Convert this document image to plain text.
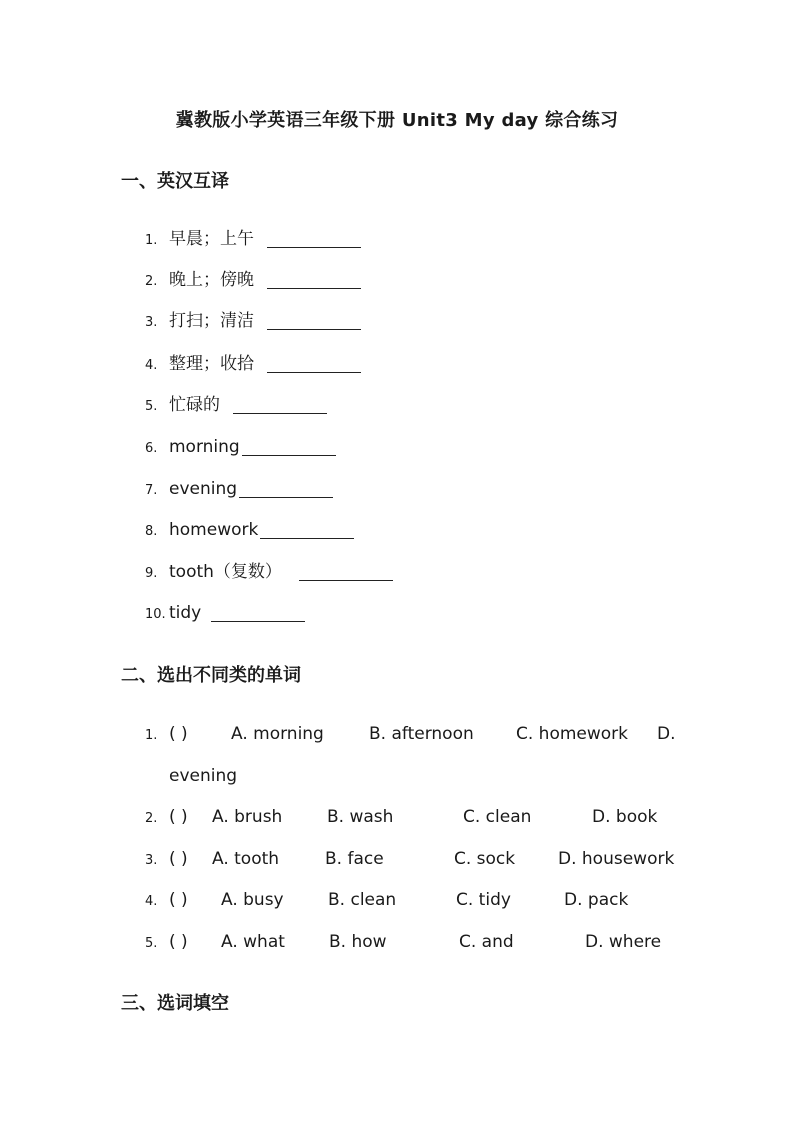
冀教版小学英语三年级下册 Unit3 My day 综合练习
一、英汉互译
1. 早晨；上午
2. 晚上；傍晚
3. 打扫；清洁
4. 整理；收拾
5. 忙碌的
6. morning
7. evening
8. homework
9. tooth（复数）
10. tidy
二、选出不同类的单词
1. ( )	A. morning	B. afternoon C. homework D.
evening
2. ( ) A. brush	B. wash	C. clean	D. book
3. ( ) A. tooth	B. face	C. sock	D. housework
4. ( ) A. busy	B. clean	C. tidy	D. pack
5. ( ) A. what	B. how	C. and	D. where
三、选词填空
